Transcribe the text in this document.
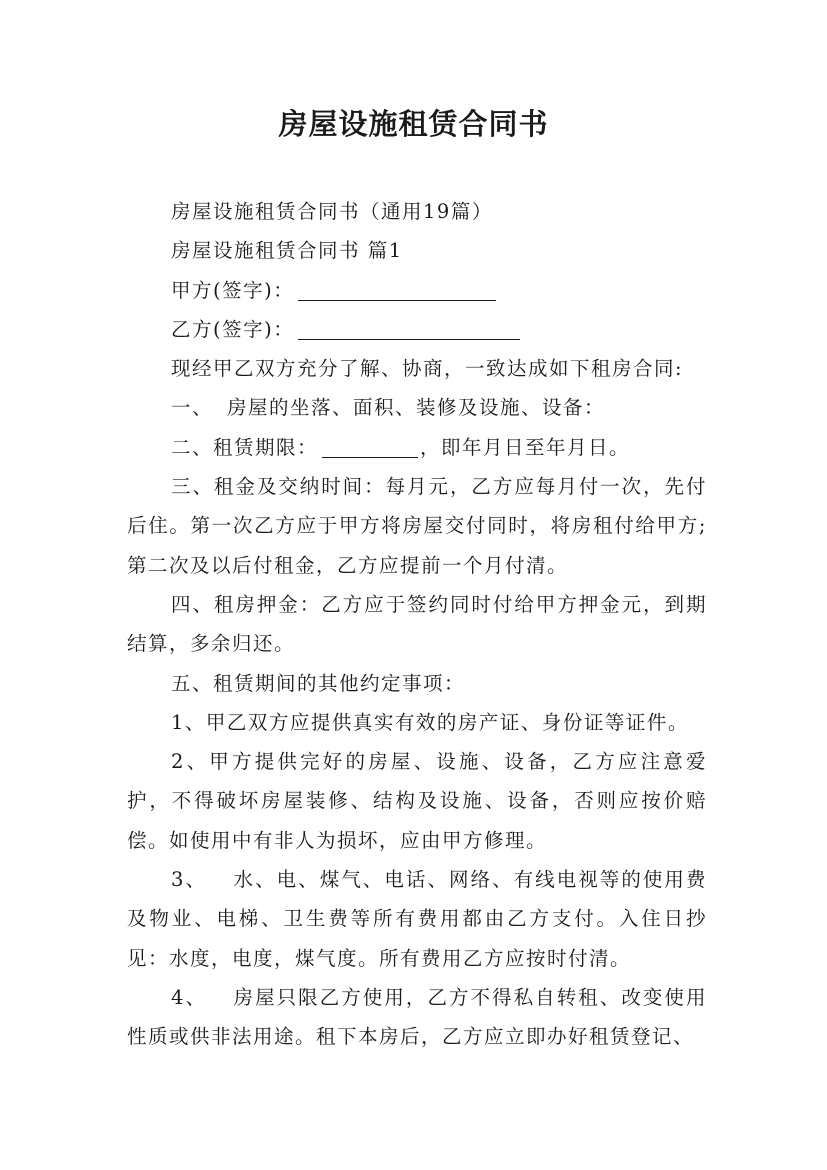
房屋设施租赁合同书

房屋设施租赁合同书（通用19篇）

房屋设施租赁合同书 篇1

甲方(签字)：

乙方(签字)：

现经甲乙双方充分了解、协商，一致达成如下租房合同:

一、 房屋的坐落、面积、装修及设施、设备：

二、租赁期限：	，即年月日至年月日。

三、租金及交纳时间：每月元，乙方应每月付一次，先付后住。第一次乙方应于甲方将房屋交付同时，将房租付给甲方;第二次及以后付租金，乙方应提前一个月付清。

四、租房押金：乙方应于签约同时付给甲方押金元，到期结算，多余归还。

五、租赁期间的其他约定事项：

1、甲乙双方应提供真实有效的房产证、身份证等证件。

2、甲方提供完好的房屋、设施、设备，乙方应注意爱护，不得破坏房屋装修、结构及设施、设备，否则应按价赔偿。如使用中有非人为损坏，应由甲方修理。

3、 水、电、煤气、电话、网络、有线电视等的使用费及物业、电梯、卫生费等所有费用都由乙方支付。入住日抄见：水度，电度，煤气度。所有费用乙方应按时付清。

4、 房屋只限乙方使用，乙方不得私自转租、改变使用性质或供非法用途。租下本房后，乙方应立即办好租赁登记、
